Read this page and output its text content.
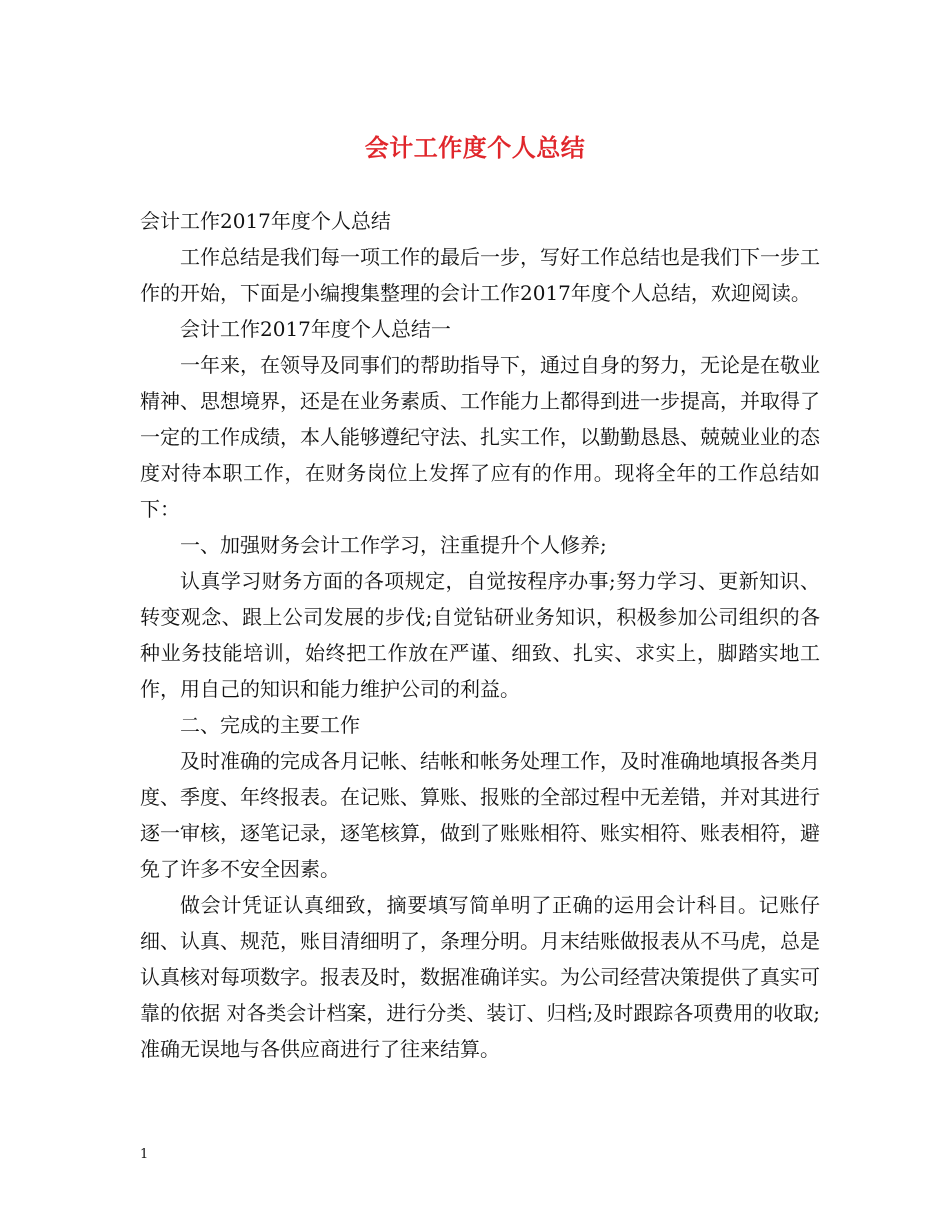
会计工作度个人总结

会计工作2017年度个人总结

工作总结是我们每一项工作的最后一步，写好工作总结也是我们下一步工作的开始，下面是小编搜集整理的会计工作2017年度个人总结，欢迎阅读。

会计工作2017年度个人总结一

一年来，在领导及同事们的帮助指导下，通过自身的努力，无论是在敬业精神、思想境界，还是在业务素质、工作能力上都得到进一步提高，并取得了一定的工作成绩，本人能够遵纪守法、扎实工作，以勤勤恳恳、兢兢业业的态度对待本职工作，在财务岗位上发挥了应有的作用。现将全年的工作总结如下：

一、加强财务会计工作学习，注重提升个人修养;

认真学习财务方面的各项规定，自觉按程序办事;努力学习、更新知识、转变观念、跟上公司发展的步伐;自觉钻研业务知识，积极参加公司组织的各种业务技能培训，始终把工作放在严谨、细致、扎实、求实上，脚踏实地工作，用自己的知识和能力维护公司的利益。

二、完成的主要工作

及时准确的完成各月记帐、结帐和帐务处理工作，及时准确地填报各类月度、季度、年终报表。在记账、算账、报账的全部过程中无差错，并对其进行逐一审核，逐笔记录，逐笔核算，做到了账账相符、账实相符、账表相符，避免了许多不安全因素。

做会计凭证认真细致，摘要填写简单明了正确的运用会计科目。记账仔细、认真、规范，账目清细明了，条理分明。月末结账做报表从不马虎，总是认真核对每项数字。报表及时，数据准确详实。为公司经营决策提供了真实可靠的依据 对各类会计档案，进行分类、装订、归档;及时跟踪各项费用的收取;准确无误地与各供应商进行了往来结算。

1
